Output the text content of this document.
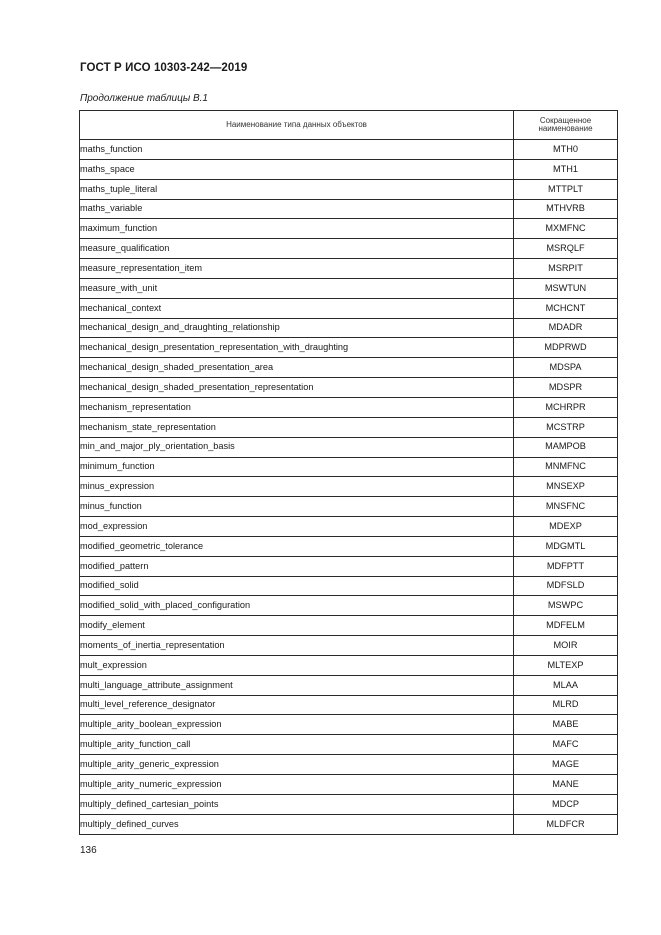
ГОСТ Р ИСО 10303-242—2019
Продолжение таблицы B.1
Наименование типа данных объектов	Сокращенное
наименование
maths_function	MTH0
maths_space	MTH1
maths_tuple_literal	MTTPLT
maths_variable	MTHVRB
maximum_function	MXMFNC
measure_qualification	MSRQLF
measure_representation_item	MSRPIT
measure_with_unit	MSWTUN
mechanical_context	MCHCNT
mechanical_design_and_draughting_relationship	MDADR
mechanical_design_presentation_representation_with_draughting	MDPRWD
mechanical_design_shaded_presentation_area	MDSPA
mechanical_design_shaded_presentation_representation	MDSPR
mechanism_representation	MCHRPR
mechanism_state_representation	MCSTRP
min_and_major_ply_orientation_basis	MAMPOB
minimum_function	MNMFNC
minus_expression	MNSEXP
minus_function	MNSFNC
mod_expression	MDEXP
modified_geometric_tolerance	MDGMTL
modified_pattern	MDFPTT
modified_solid	MDFSLD
modified_solid_with_placed_configuration	MSWPC
modify_element	MDFELM
moments_of_inertia_representation	MOIR
mult_expression	MLTEXP
multi_language_attribute_assignment	MLAA
multi_level_reference_designator	MLRD
multiple_arity_boolean_expression	MABE
multiple_arity_function_call	MAFC
multiple_arity_generic_expression	MAGE
multiple_arity_numeric_expression	MANE
multiply_defined_cartesian_points	MDCP
multiply_defined_curves	MLDFCR
136
